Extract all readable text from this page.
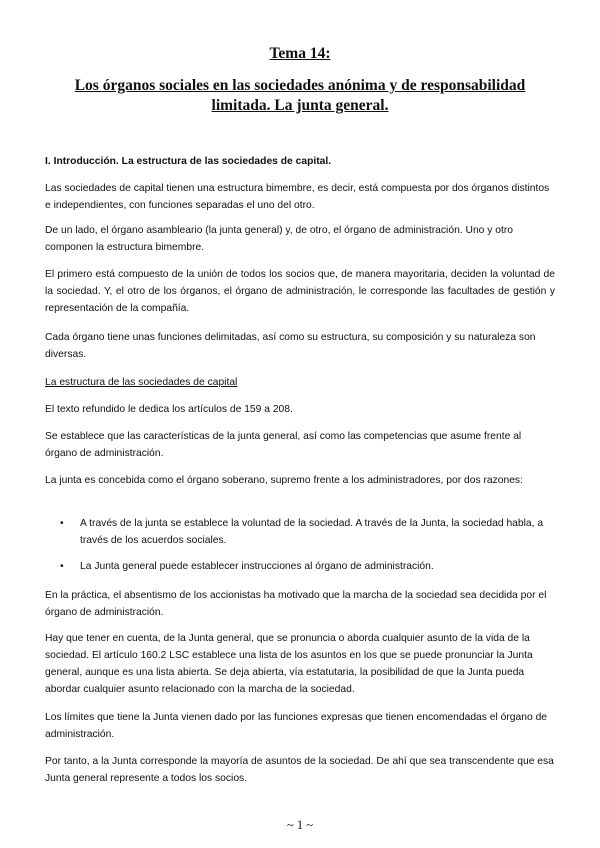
Tema 14:
Los órganos sociales en las sociedades anónima y de responsabilidad limitada. La junta general.
I. Introducción. La estructura de las sociedades de capital.
Las sociedades de capital tienen una estructura bimembre, es decir, está compuesta por dos órganos distintos e independientes, con funciones separadas el uno del otro.
De un lado, el órgano asambleario (la junta general) y, de otro, el órgano de administración. Uno y otro componen la estructura bimembre.
El primero está compuesto de la unión de todos los socios que, de manera mayoritaria, deciden la voluntad de la sociedad. Y, el otro de los órganos, el órgano de administración, le corresponde las facultades de gestión y representación de la compañía.
Cada órgano tiene unas funciones delimitadas, así como su estructura, su composición y su naturaleza son diversas.
La estructura de las sociedades de capital
El texto refundido le dedica los artículos de 159 a 208.
Se establece que las características de la junta general, así como las competencias que asume frente al órgano de administración.
La junta es concebida como el órgano soberano, supremo frente a los administradores, por dos razones:
• A través de la junta se establece la voluntad de la sociedad. A través de la Junta, la sociedad habla, a través de los acuerdos sociales.
• La Junta general puede establecer instrucciones al órgano de administración.
En la práctica, el absentismo de los accionistas ha motivado que la marcha de la sociedad sea decidida por el órgano de administración.
Hay que tener en cuenta, de la Junta general, que se pronuncia o aborda cualquier asunto de la vida de la sociedad. El artículo 160.2 LSC establece una lista de los asuntos en los que se puede pronunciar la Junta general, aunque es una lista abierta. Se deja abierta, vía estatutaria, la posibilidad de que la Junta pueda abordar cualquier asunto relacionado con la marcha de la sociedad.
Los límites que tiene la Junta vienen dado por las funciones expresas que tienen encomendadas el órgano de administración.
Por tanto, a la Junta corresponde la mayoría de asuntos de la sociedad. De ahí que sea transcendente que esa Junta general represente a todos los socios.
~ 1 ~
